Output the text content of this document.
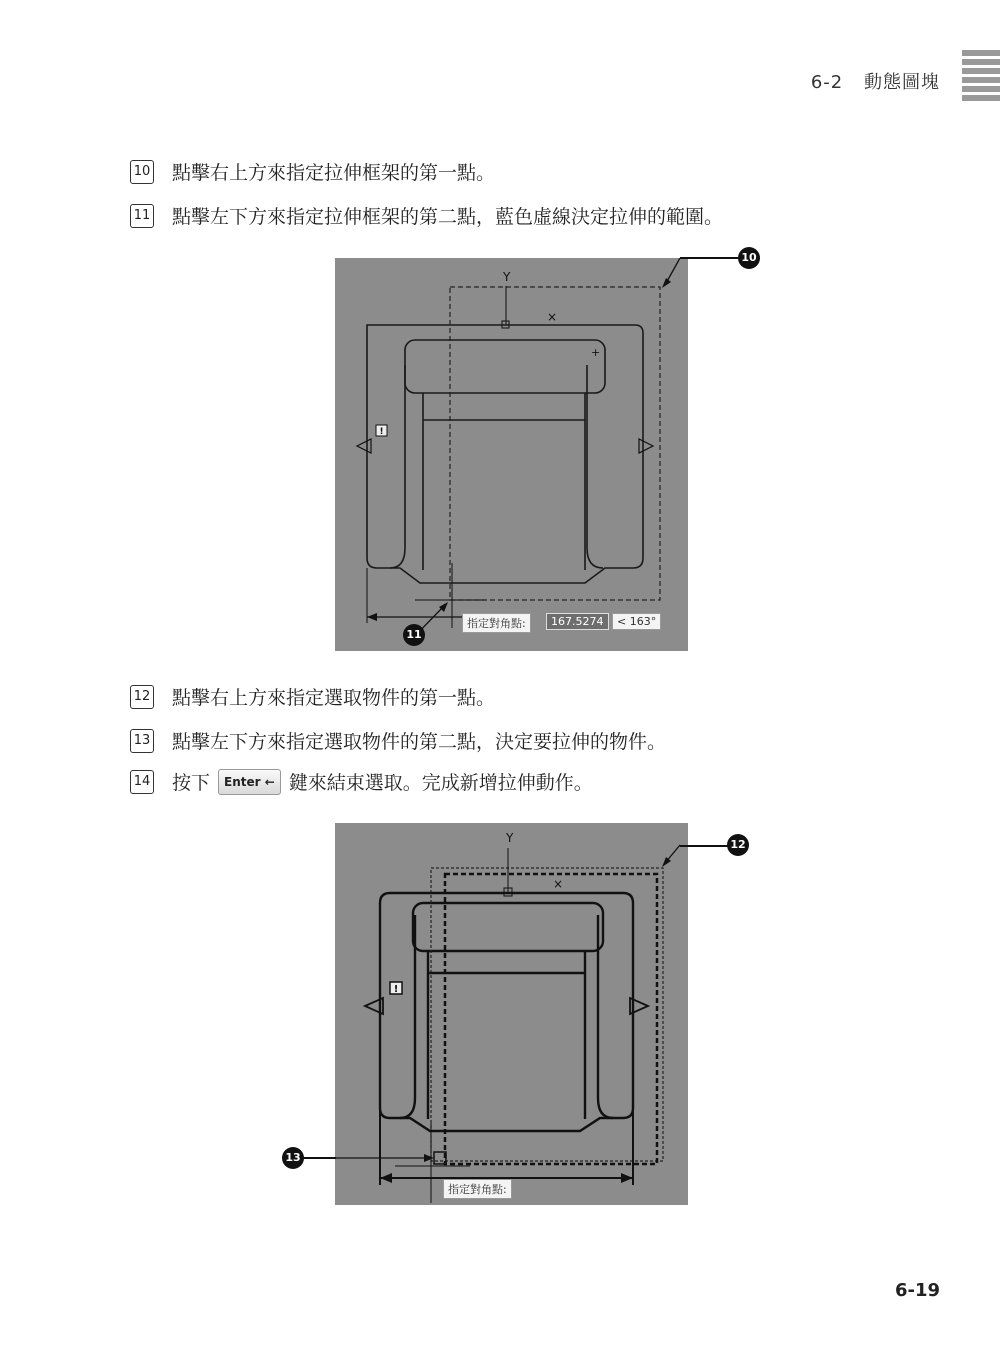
6-2 動態圖塊
10 點擊右上方來指定拉伸框架的第一點。
11 點擊左下方來指定拉伸框架的第二點，藍色虛線決定拉伸的範圍。
!
+
Y
×
指定對角點:	167.5274	< 163°
10
11
12 點擊右上方來指定選取物件的第一點。
13 點擊左下方來指定選取物件的第二點，決定要拉伸的物件。
14 按下	Enter ← 鍵來結束選取。完成新增拉伸動作。
!
Y
×
指定對角點:
12
13
6-19
